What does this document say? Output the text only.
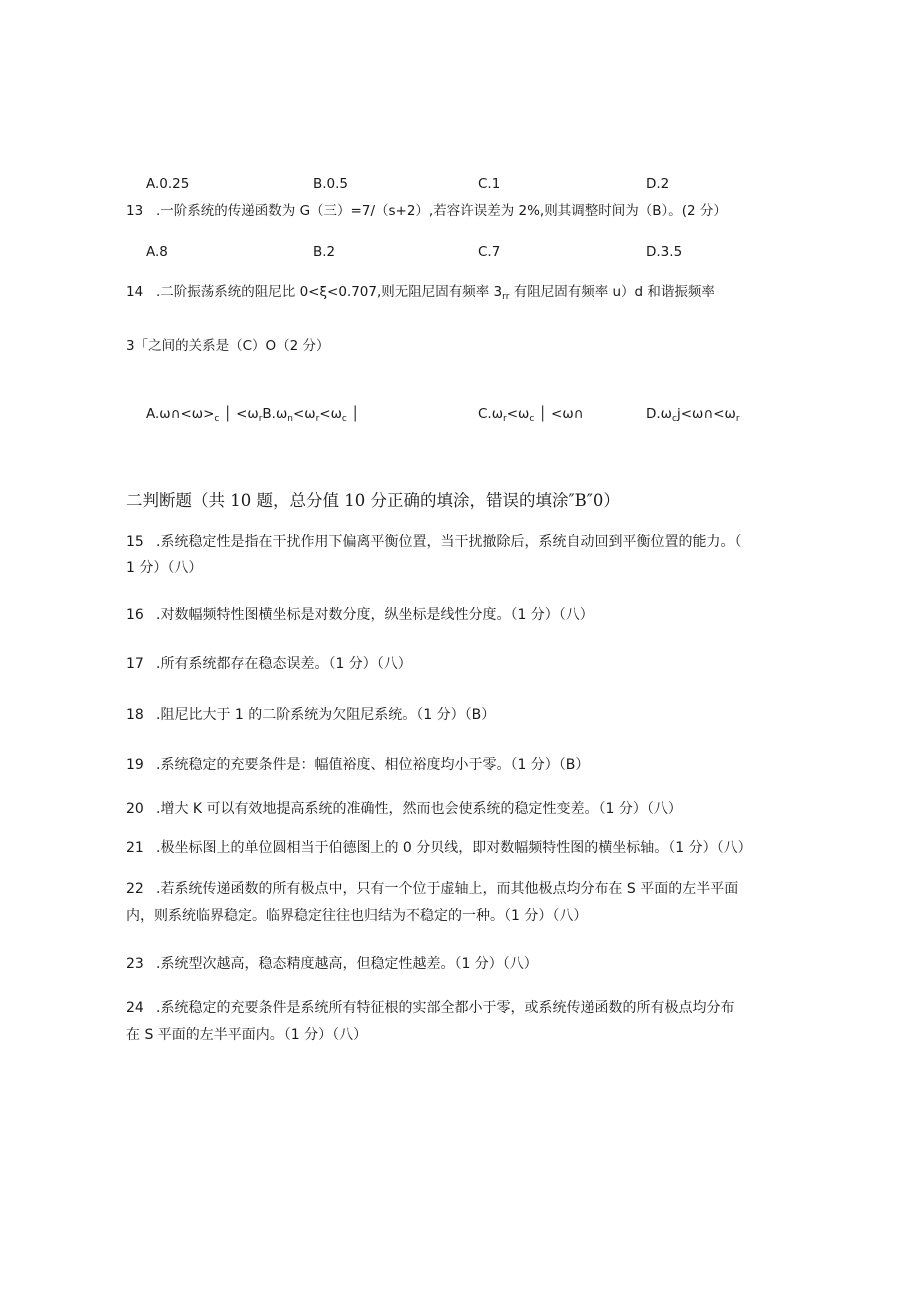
A.0.25	B.0.5	C.1	D.2
13 .一阶系统的传递函数为 G（三）=7/（s+2）,若容许误差为 2%,则其调整时间为（B）。(2 分）
A.8	B.2	C.7	D.3.5
14 .二阶振荡系统的阻尼比 0<ξ<0.707,则无阻尼固有频率 $3_{rr}$ 有阻尼固有频率 u）d 和谐振频率
3「之间的关系是（C）O（2 分）
$A.\omega\cap<\omega>_c$ │ $<\omega_rB.\omega_n<\omega_r<\omega_c$ │	$C.\omega_r<\omega_c$ │ <ω∩	$D.\omega_cj<\omega\cap<\omega_r$
二判断题（共 10 题，总分值 10 分正确的填涂，错误的填涂″B″0）
15 .系统稳定性是指在干扰作用下偏离平衡位置，当干扰撤除后，系统自动回到平衡位置的能力。（
1 分）（八）
16 .对数幅频特性图横坐标是对数分度，纵坐标是线性分度。（1 分）（八）
17 .所有系统都存在稳态误差。（1 分）（八）
18 .阻尼比大于 1 的二阶系统为欠阻尼系统。（1 分）（B）
19 .系统稳定的充要条件是：幅值裕度、相位裕度均小于零。（1 分）（B）
20 .增大 K 可以有效地提高系统的准确性，然而也会使系统的稳定性变差。（1 分）（八）
21 .极坐标图上的单位圆相当于伯德图上的 0 分贝线，即对数幅频特性图的横坐标轴。（1 分）（八）
22 .若系统传递函数的所有极点中，只有一个位于虚轴上，而其他极点均分布在 S 平面的左半平面
内，则系统临界稳定。临界稳定往往也归结为不稳定的一种。（1 分）（八）
23 .系统型次越高，稳态精度越高，但稳定性越差。（1 分）（八）
24 .系统稳定的充要条件是系统所有特征根的实部全都小于零，或系统传递函数的所有极点均分布
在 S 平面的左半平面内。（1 分）（八）
